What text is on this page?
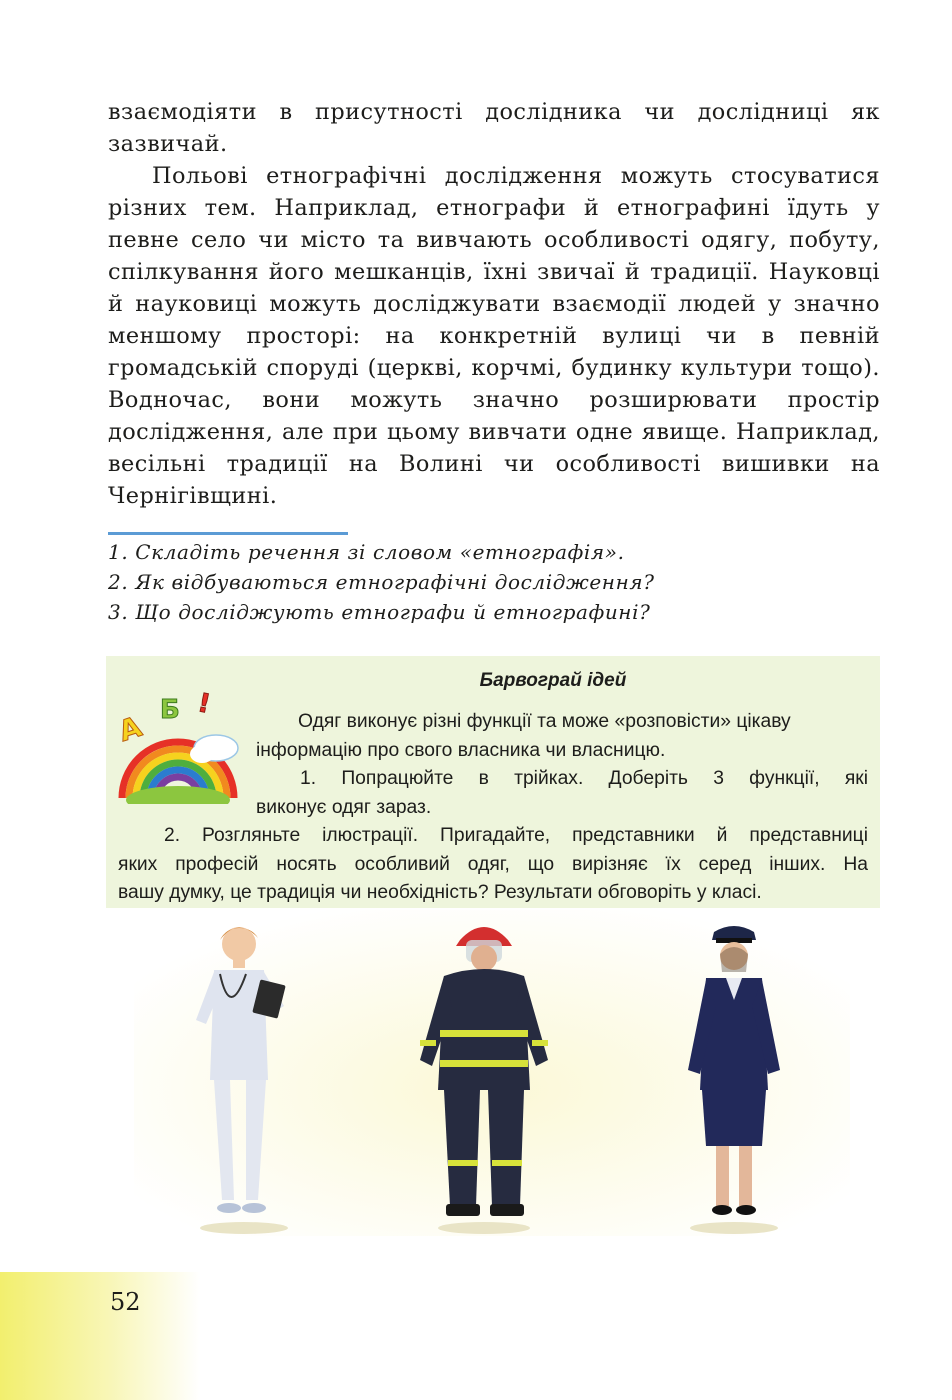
взаємодіяти в присутності дослідника чи дослідниці як зазвичай.

Польові етнографічні дослідження можуть стосуватися різних тем. Наприклад, етнографи й етнографині їдуть у певне село чи місто та вивчають особливості одягу, побуту, спілкування його мешканців, їхні звичаї й традиції. Науковці й науковиці можуть досліджувати взаємодії людей у значно меншому просторі: на конкретній вулиці чи в певній громадській споруді (церкві, корчмі, будинку культури тощо). Водночас, вони можуть значно розширювати простір дослідження, але при цьому вивчати одне явище. Наприклад, весільні традиції на Волині чи особливості вишивки на Чернігівщині.

1. Складіть речення зі словом «етнографія».
2. Як відбуваються етнографічні дослідження?
3. Що досліджують етнографи й етнографині?
Барвограй ідей
А Б !
Одяг виконує різні функції та може «розповісти» цікаву
інформацію про свого власника чи власницю.
1. Попрацюйте в трійках. Доберіть 3 функції, які
виконує одяг зараз.
2. Розгляньте ілюстрації. Пригадайте, представники й представниці
яких професій носять особливий одяг, що вирізняє їх серед інших. На
вашу думку, це традиція чи необхідність? Результати обговоріть у класі.
52
